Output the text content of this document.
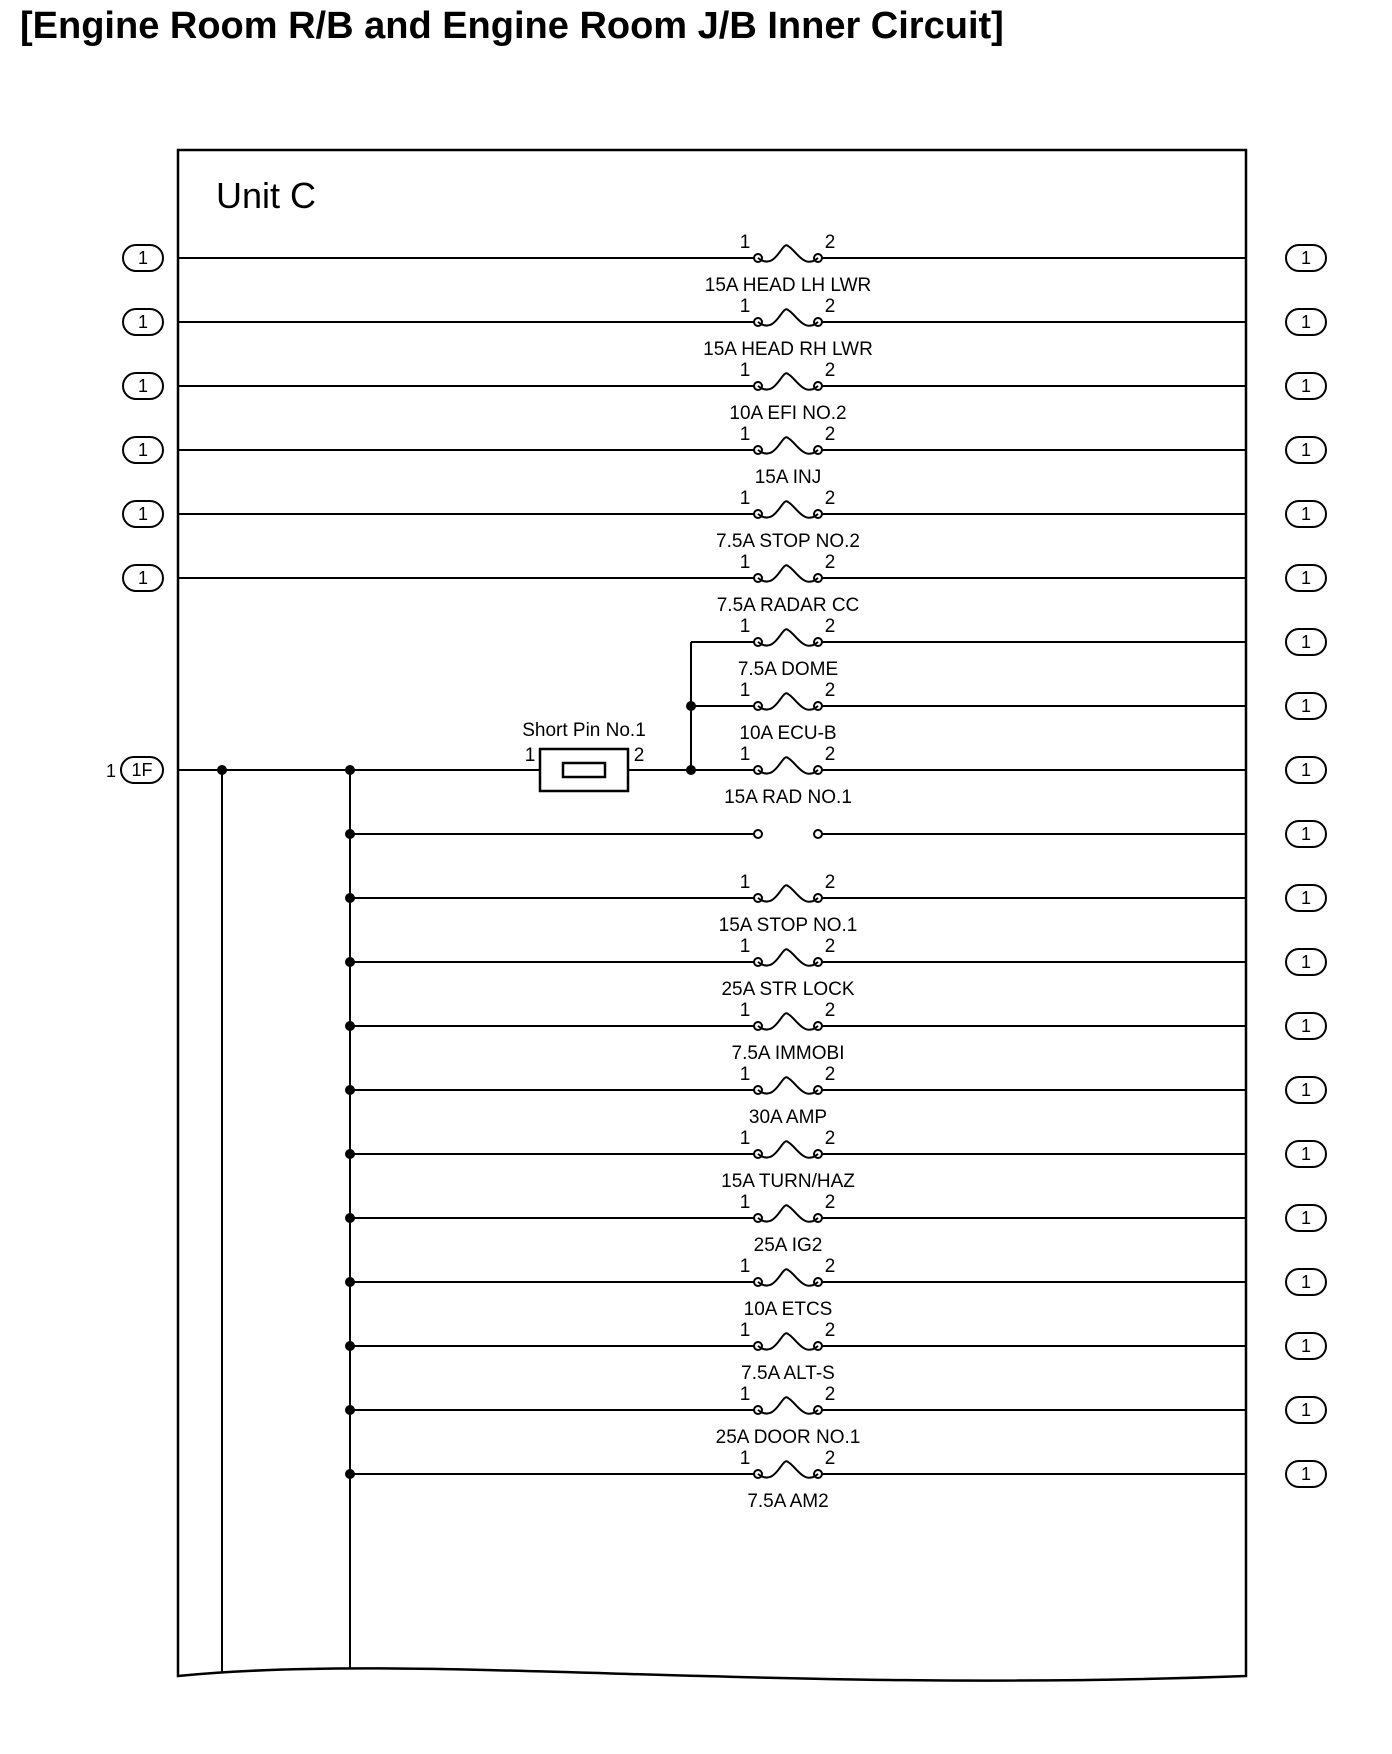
[Engine Room R/B and Engine Room J/B Inner Circuit]
Unit C
1	2
15A HEAD LH LWR
1	1
1	2
15A HEAD RH LWR
1	1
1	2
10A EFI NO.2
1	1
1	2
15A INJ
1	1
1	2
7.5A STOP NO.2
1	1
1	2
7.5A RADAR CC
1	1
1	2
7.5A DOME
1
1	2
10A ECU-B
1
1	2
15A RAD NO.1
1
1
1	2
15A STOP NO.1
1
1	2
25A STR LOCK
1
1	2
7.5A IMMOBI
1
1	2
30A AMP
1
1	2
15A TURN/HAZ
1
1	2
25A IG2
1
1	2
10A ETCS
1
1	2
7.5A ALT-S
1
1	2
25A DOOR NO.1
1
1	2
7.5A AM2
1
Short Pin No.1
1	2
1 1F
